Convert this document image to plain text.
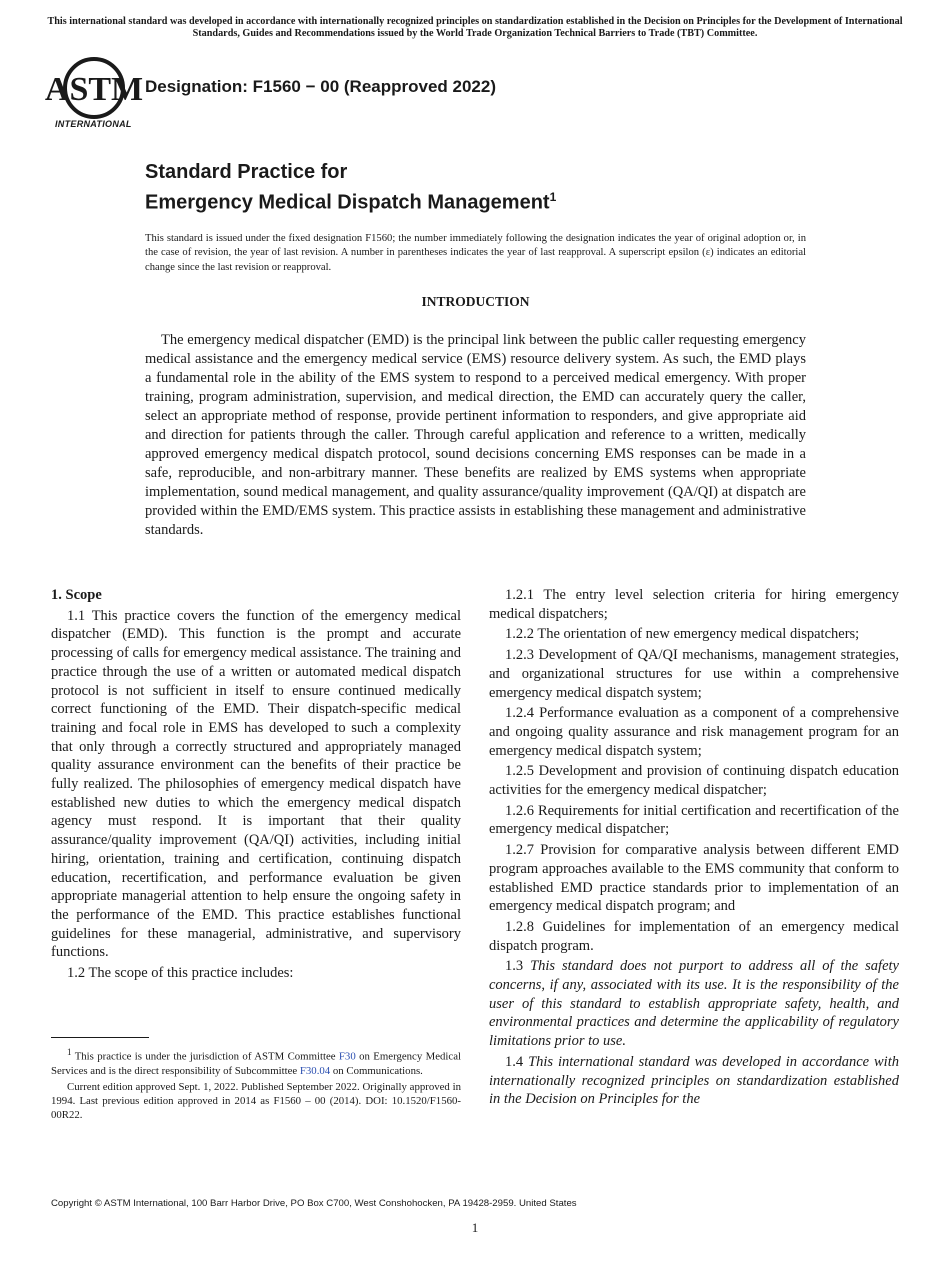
This international standard was developed in accordance with internationally recognized principles on standardization established in the Decision on Principles for the Development of International Standards, Guides and Recommendations issued by the World Trade Organization Technical Barriers to Trade (TBT) Committee.
ASTM
INTERNATIONAL
Designation: F1560 − 00 (Reapproved 2022)
Standard Practice for
Emergency Medical Dispatch Management$^1$
This standard is issued under the fixed designation F1560; the number immediately following the designation indicates the year of original adoption or, in the case of revision, the year of last revision. A number in parentheses indicates the year of last reapproval. A superscript epsilon (ε) indicates an editorial change since the last revision or reapproval.
INTRODUCTION

The emergency medical dispatcher (EMD) is the principal link between the public caller requesting emergency medical assistance and the emergency medical service (EMS) resource delivery system. As such, the EMD plays a fundamental role in the ability of the EMS system to respond to a perceived medical emergency. With proper training, program administration, supervision, and medical direction, the EMD can accurately query the caller, select an appropriate method of response, provide pertinent information to responders, and give appropriate aid and direction for patients through the caller. Through careful application and reference to a written, medically approved emergency medical dispatch protocol, sound decisions concerning EMS responses can be made in a safe, reproducible, and non-arbitrary manner. These benefits are realized by EMS systems when appropriate implementation, sound medical management, and quality assurance/quality improvement (QA/QI) at dispatch are provided within the EMD/EMS system. This practice assists in establishing these management and administrative standards.

1. Scope

1.1 This practice covers the function of the emergency medical dispatcher (EMD). This function is the prompt and accurate processing of calls for emergency medical assistance. The training and practice through the use of a written or automated medical dispatch protocol is not sufficient in itself to ensure continued medically correct functioning of the EMD. Their dispatch-specific medical training and focal role in EMS has developed to such a complexity that only through a correctly structured and appropriately managed quality assurance environment can the benefits of their practice be fully realized. The philosophies of emergency medical dispatch have established new duties to which the emergency medical dispatch agency must respond. It is important that their quality assurance/quality improvement (QA/QI) activities, including initial hiring, orientation, training and certification, continuing dispatch education, recertification, and performance evaluation be given appropriate managerial attention to help ensure the ongoing safety in the performance of the EMD. This practice establishes functional guidelines for these managerial, administrative, and supervisory functions.

1.2 The scope of this practice includes:

1.2.1 The entry level selection criteria for hiring emergency medical dispatchers;

1.2.2 The orientation of new emergency medical dispatchers;

1.2.3 Development of QA/QI mechanisms, management strategies, and organizational structures for use within a comprehensive emergency medical dispatch system;

1.2.4 Performance evaluation as a component of a comprehensive and ongoing quality assurance and risk management program for an emergency medical dispatch system;

1.2.5 Development and provision of continuing dispatch education activities for the emergency medical dispatcher;

1.2.6 Requirements for initial certification and recertification of the emergency medical dispatcher;

1.2.7 Provision for comparative analysis between different EMD program approaches available to the EMS community that conform to established EMD practice standards prior to implementation of an emergency medical dispatch program; and

1.2.8 Guidelines for implementation of an emergency medical dispatch program.

1.3 This standard does not purport to address all of the safety concerns, if any, associated with its use. It is the responsibility of the user of this standard to establish appropriate safety, health, and environmental practices and determine the applicability of regulatory limitations prior to use.

1.4 This international standard was developed in accordance with internationally recognized principles on standardization established in the Decision on Principles for the

$^1$ This practice is under the jurisdiction of ASTM Committee F30 on Emergency Medical Services and is the direct responsibility of Subcommittee F30.04 on Communications.

Current edition approved Sept. 1, 2022. Published September 2022. Originally approved in 1994. Last previous edition approved in 2014 as F1560 – 00 (2014). DOI: 10.1520/F1560-00R22.

Copyright © ASTM International, 100 Barr Harbor Drive, PO Box C700, West Conshohocken, PA 19428-2959. United States
1
